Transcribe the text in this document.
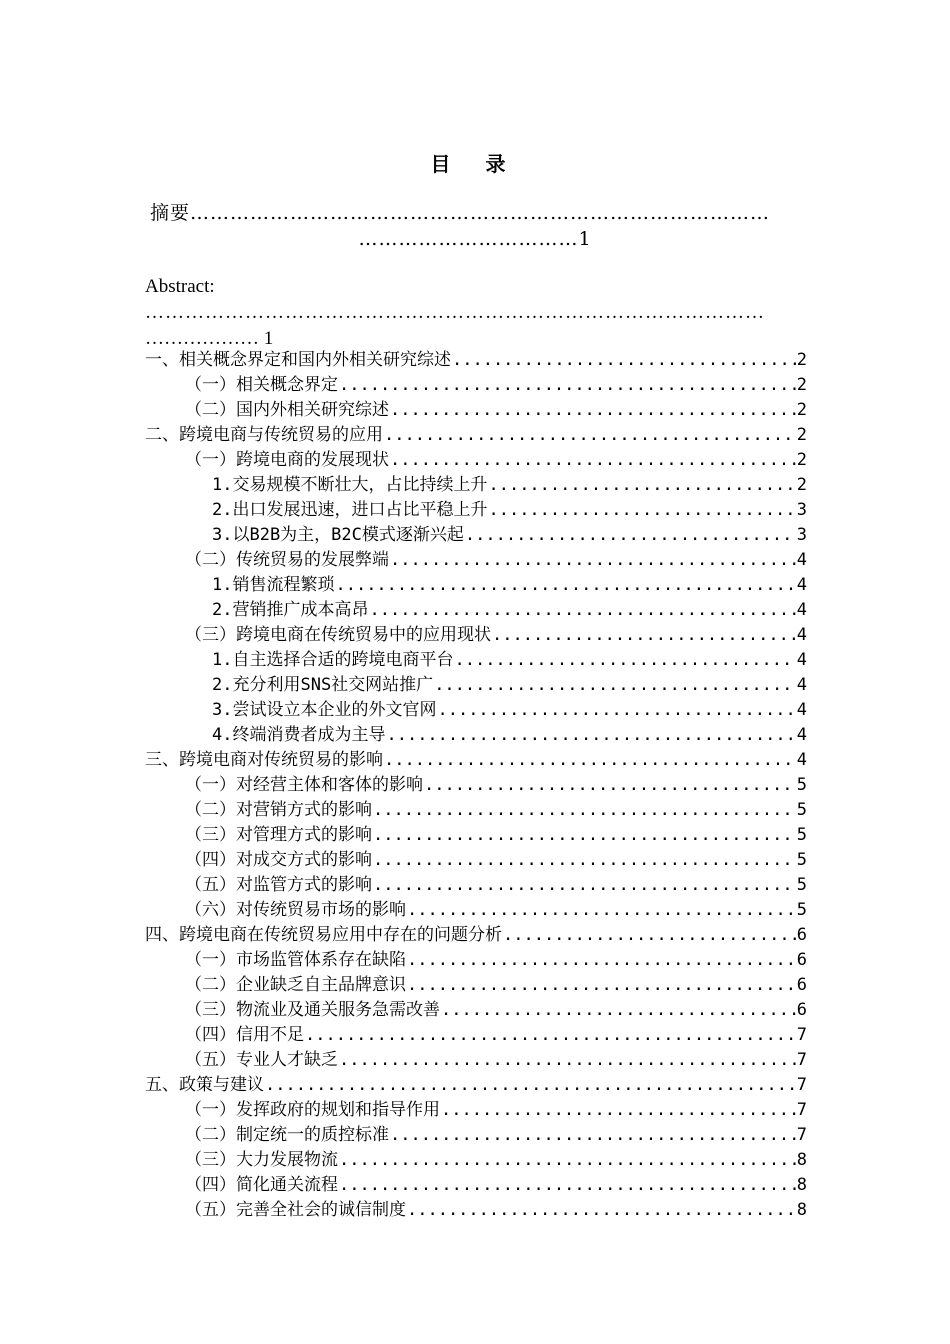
目 录
摘要……………………………………………………………………………
……………………………1
Abstract:
…………………………………………………………………………………
……………… 1
一、相关概念界定和国内外相关研究综述 .....	2
（一）相关概念界定 .....	2
（二）国内外相关研究综述 .....	2
二、跨境电商与传统贸易的应用 .....	2
（一）跨境电商的发展现状 .....	2
1.交易规模不断壮大，占比持续上升 .....	2
2.出口发展迅速，进口占比平稳上升 .....	3
3.以B2B为主，B2C模式逐渐兴起 .....	3
（二）传统贸易的发展弊端 .....	4
1.销售流程繁琐 .....	4
2.营销推广成本高昂 .....	4
（三）跨境电商在传统贸易中的应用现状 .....	4
1.自主选择合适的跨境电商平台 .....	4
2.充分利用SNS社交网站推广 .....	4
3.尝试设立本企业的外文官网 .....	4
4.终端消费者成为主导 .....	4
三、跨境电商对传统贸易的影响 .....	4
（一）对经营主体和客体的影响 .....	5
（二）对营销方式的影响 .....	5
（三）对管理方式的影响 .....	5
（四）对成交方式的影响 .....	5
（五）对监管方式的影响 .....	5
（六）对传统贸易市场的影响 .....	5
四、跨境电商在传统贸易应用中存在的问题分析 .....	6
（一）市场监管体系存在缺陷 .....	6
（二）企业缺乏自主品牌意识 .....	6
（三）物流业及通关服务急需改善 .....	6
（四）信用不足 .....	7
（五）专业人才缺乏 .....	7
五、政策与建议 .....	7
（一）发挥政府的规划和指导作用 .....	7
（二）制定统一的质控标准 .....	7
（三）大力发展物流 .....	8
（四）简化通关流程 .....	8
（五）完善全社会的诚信制度 .....	8
